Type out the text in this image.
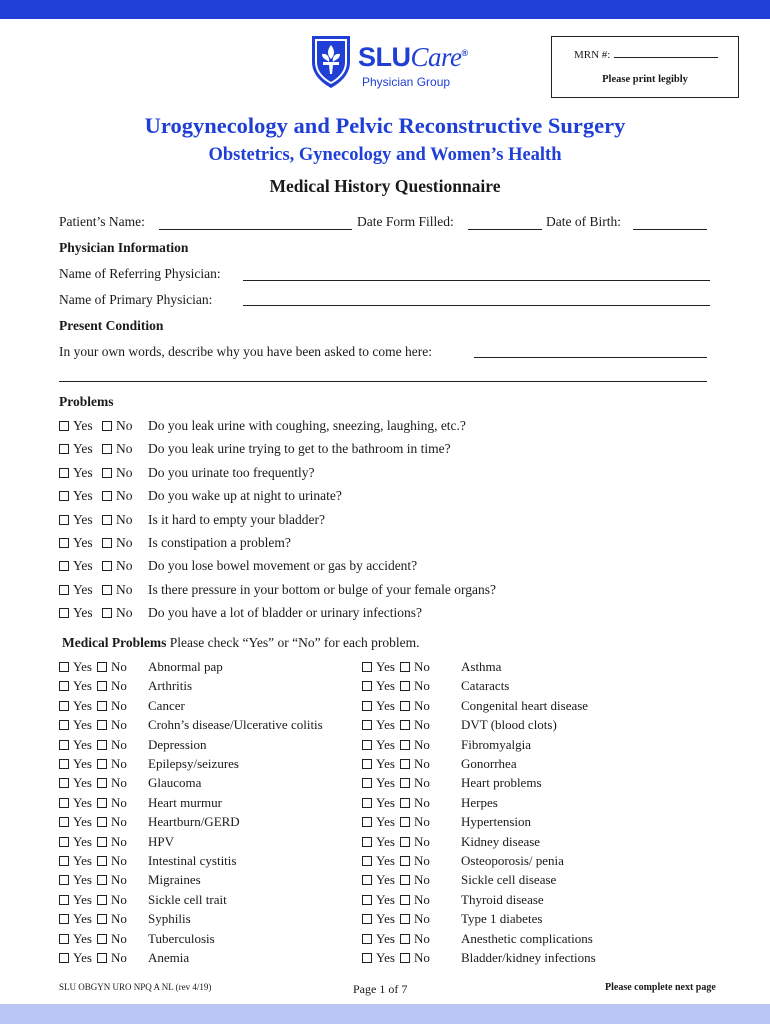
SLUCare®
Physician Group
MRN #:
Please print legibly
Urogynecology and Pelvic Reconstructive Surgery
Obstetrics, Gynecology and Women’s Health
Medical History Questionnaire
Patient’s Name:	Date Form Filled:	Date of Birth:
Physician Information
Name of Referring Physician:
Name of Primary Physician:
Present Condition
In your own words, describe why you have been asked to come here:
Problems
Yes	No Do you leak urine with coughing, sneezing, laughing, etc.?
Yes	No Do you leak urine trying to get to the bathroom in time?
Yes	No Do you urinate too frequently?
Yes	No Do you wake up at night to urinate?
Yes	No Is it hard to empty your bladder?
Yes	No Is constipation a problem?
Yes	No Do you lose bowel movement or gas by accident?
Yes	No Is there pressure in your bottom or bulge of your female organs?
Yes	No Do you have a lot of bladder or urinary infections?
Medical Problems Please check “Yes” or “No” for each problem.
Yes	No Abnormal pap
Yes	No Arthritis
Yes	No Cancer
Yes	No Crohn’s disease/Ulcerative colitis
Yes	No Depression
Yes	No Epilepsy/seizures
Yes	No Glaucoma
Yes	No Heart murmur
Yes	No Heartburn/GERD
Yes	No HPV
Yes	No Intestinal cystitis
Yes	No Migraines
Yes	No Sickle cell trait
Yes	No Syphilis
Yes	No Tuberculosis
Yes	No Anemia
Yes	No Asthma
Yes	No Cataracts
Yes	No Congenital heart disease
Yes	No DVT (blood clots)
Yes	No Fibromyalgia
Yes	No Gonorrhea
Yes	No Heart problems
Yes	No Herpes
Yes	No Hypertension
Yes	No Kidney disease
Yes	No Osteoporosis/ penia
Yes	No Sickle cell disease
Yes	No Thyroid disease
Yes	No Type 1 diabetes
Yes	No Anesthetic complications
Yes	No Bladder/kidney infections
SLU OBGYN URO NPQ A NL (rev 4/19)	Page 1 of 7	Please complete next page
